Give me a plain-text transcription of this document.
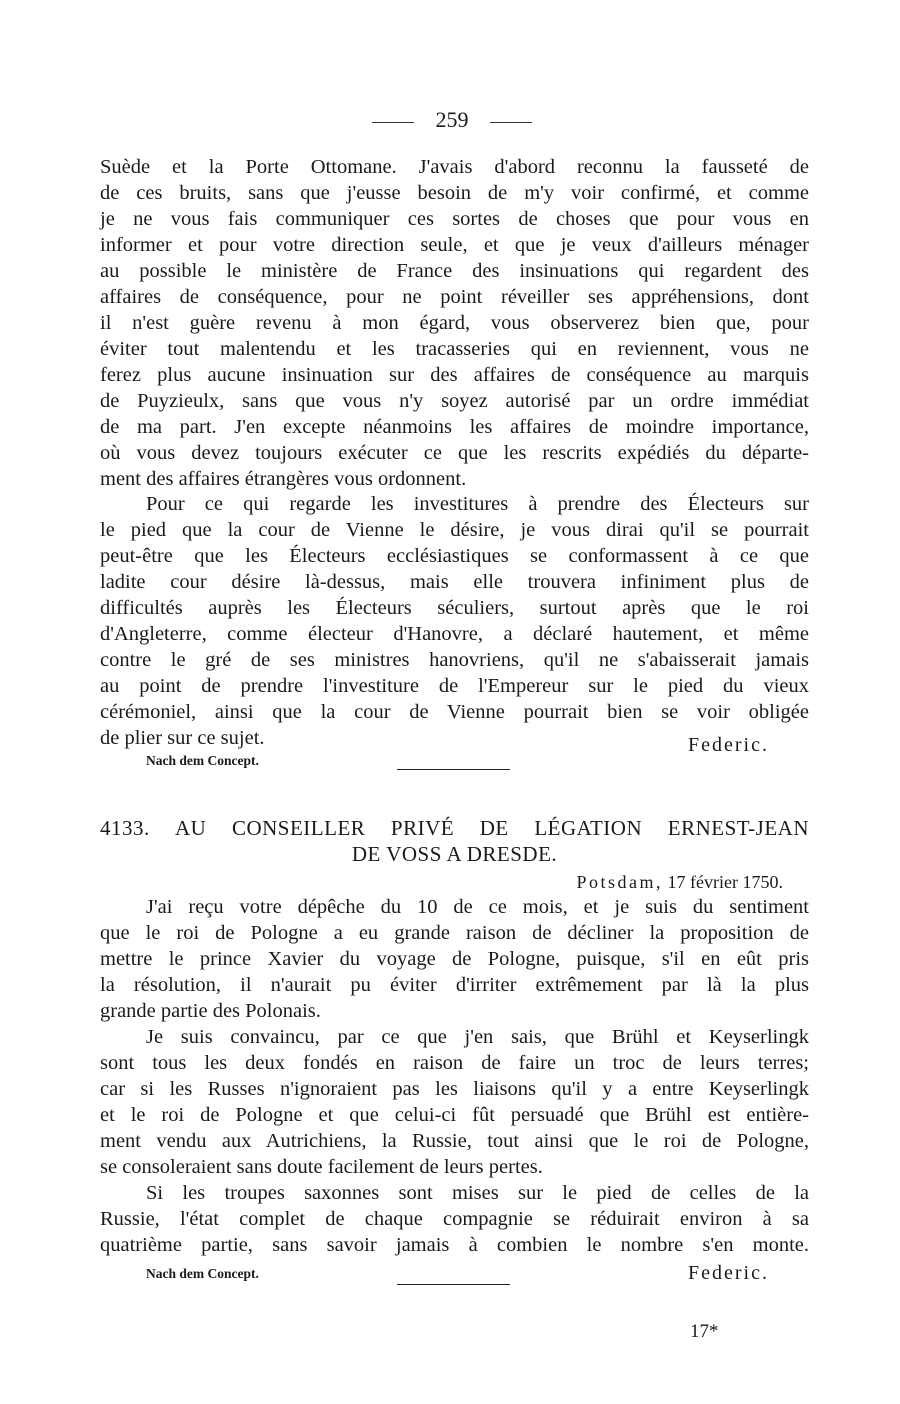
259

Suède et la Porte Ottomane. J'avais d'abord reconnu la fausseté de

de ces bruits, sans que j'eusse besoin de m'y voir confirmé, et comme

je ne vous fais communiquer ces sortes de choses que pour vous en

informer et pour votre direction seule, et que je veux d'ailleurs ménager

au possible le ministère de France des insinuations qui regardent des

affaires de conséquence, pour ne point réveiller ses appréhensions, dont

il n'est guère revenu à mon égard, vous observerez bien que, pour

éviter tout malentendu et les tracasseries qui en reviennent, vous ne

ferez plus aucune insinuation sur des affaires de conséquence au marquis

de Puyzieulx, sans que vous n'y soyez autorisé par un ordre immédiat

de ma part. J'en excepte néanmoins les affaires de moindre importance,

où vous devez toujours exécuter ce que les rescrits expédiés du départe-

ment des affaires étrangères vous ordonnent.

Pour ce qui regarde les investitures à prendre des Électeurs sur

le pied que la cour de Vienne le désire, je vous dirai qu'il se pourrait

peut-être que les Électeurs ecclésiastiques se conformassent à ce que

ladite cour désire là-dessus, mais elle trouvera infiniment plus de

difficultés auprès les Électeurs séculiers, surtout après que le roi

d'Angleterre, comme électeur d'Hanovre, a déclaré hautement, et même

contre le gré de ses ministres hanovriens, qu'il ne s'abaisserait jamais

au point de prendre l'investiture de l'Empereur sur le pied du vieux

cérémoniel, ainsi que la cour de Vienne pourrait bien se voir obligée

de plier sur ce sujet.	Federic.
Nach dem Concept.
4133. AU CONSEILLER PRIVÉ DE LÉGATION ERNEST-JEAN
DE VOSS A DRESDE.
Potsdam, 17 février 1750.

J'ai reçu votre dépêche du 10 de ce mois, et je suis du sentiment

que le roi de Pologne a eu grande raison de décliner la proposition de

mettre le prince Xavier du voyage de Pologne, puisque, s'il en eût pris

la résolution, il n'aurait pu éviter d'irriter extrêmement par là la plus

grande partie des Polonais.

Je suis convaincu, par ce que j'en sais, que Brühl et Keyserlingk

sont tous les deux fondés en raison de faire un troc de leurs terres;

car si les Russes n'ignoraient pas les liaisons qu'il y a entre Keyserlingk

et le roi de Pologne et que celui-ci fût persuadé que Brühl est entière-

ment vendu aux Autrichiens, la Russie, tout ainsi que le roi de Pologne,

se consoleraient sans doute facilement de leurs pertes.

Si les troupes saxonnes sont mises sur le pied de celles de la

Russie, l'état complet de chaque compagnie se réduirait environ à sa

quatrième partie, sans savoir jamais à combien le nombre s'en monte.

Nach dem Concept.	Federic.
17*
